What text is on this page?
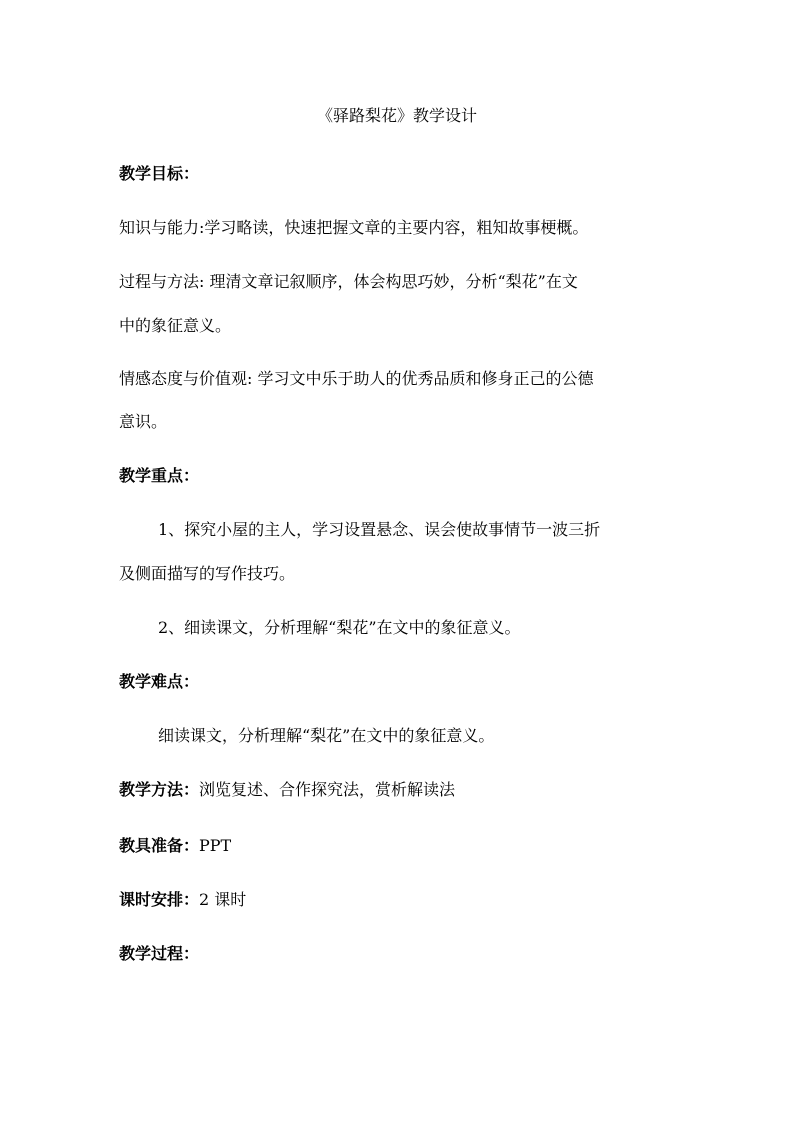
《驿路梨花》教学设计
教学目标：
知识与能力:学习略读，快速把握文章的主要内容，粗知故事梗概。
过程与方法: 理清文章记叙顺序，体会构思巧妙，分析“梨花”在文
中的象征意义。
情感态度与价值观: 学习文中乐于助人的优秀品质和修身正己的公德
意识。
教学重点：
1、探究小屋的主人，学习设置悬念、误会使故事情节一波三折
及侧面描写的写作技巧。
2、细读课文，分析理解“梨花”在文中的象征意义。
教学难点：
细读课文，分析理解“梨花”在文中的象征意义。
教学方法：浏览复述、合作探究法，赏析解读法
教具准备：PPT
课时安排：2 课时
教学过程：
